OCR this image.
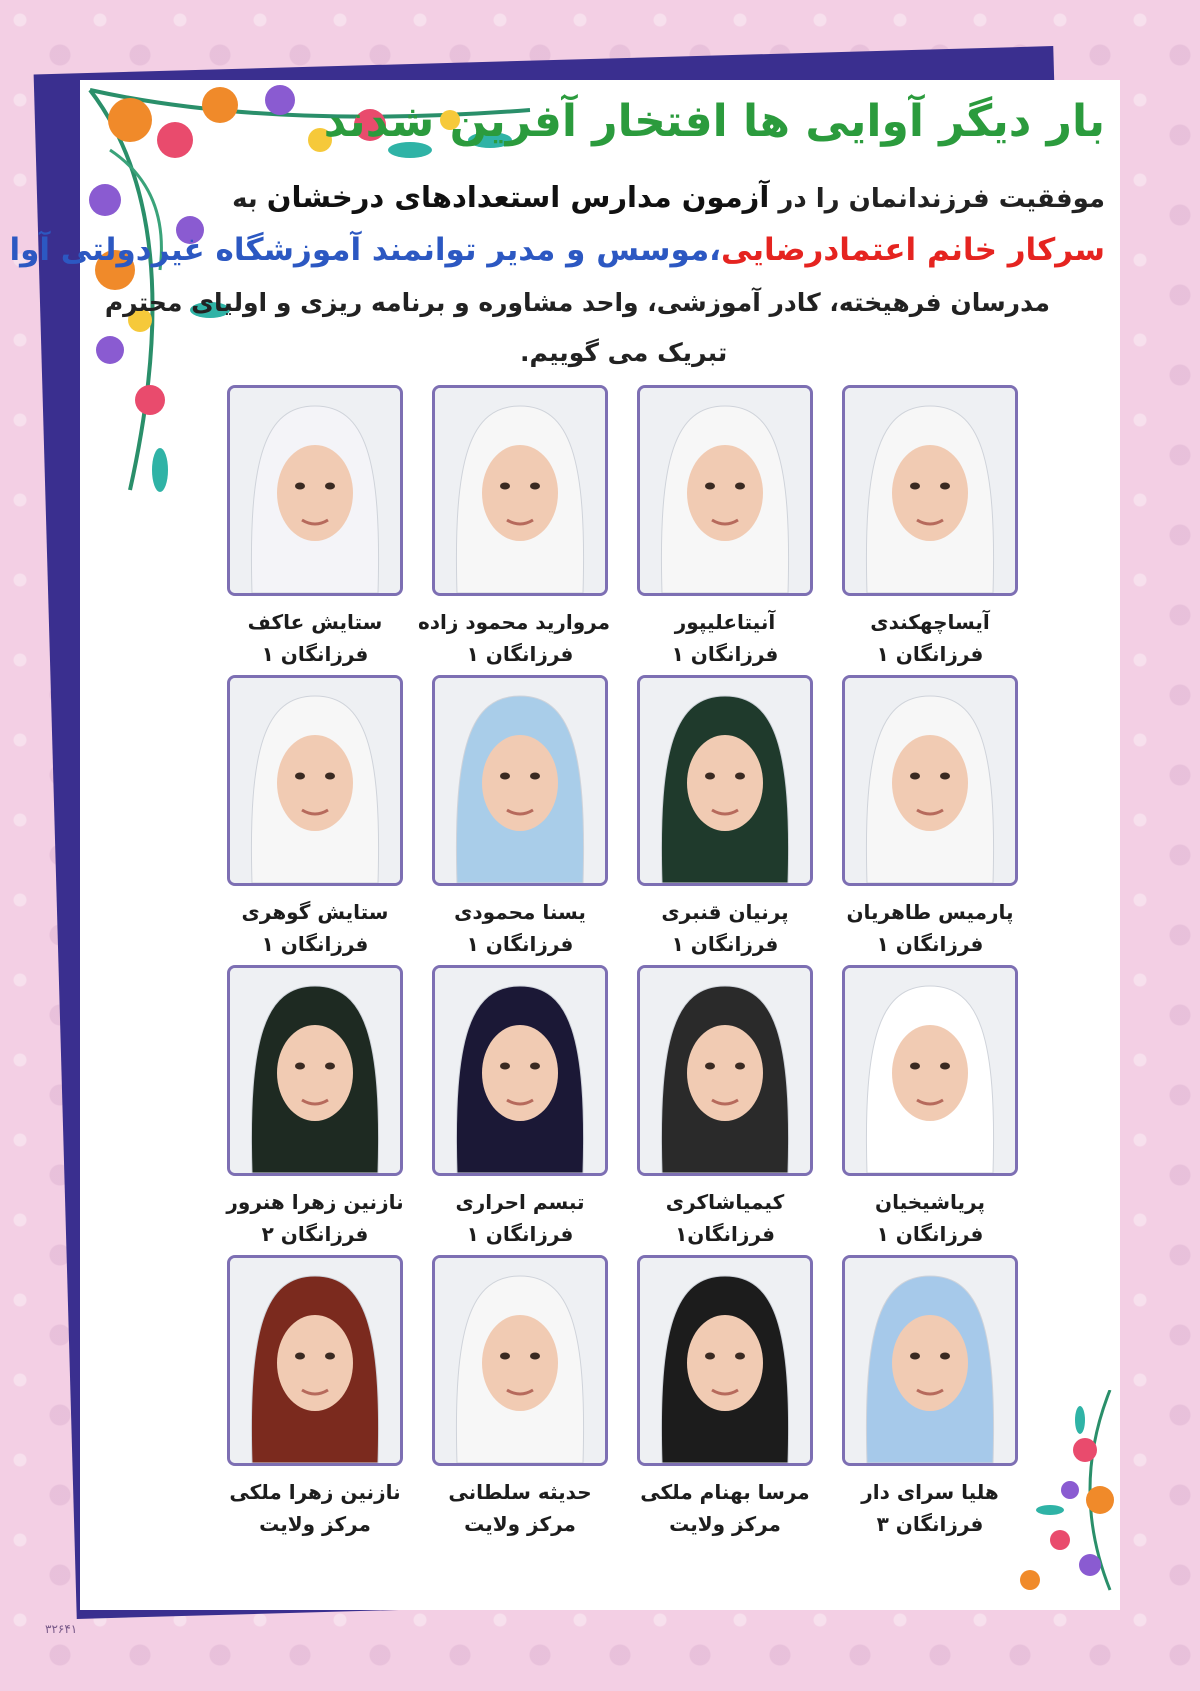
بار دیگر آوایی ها افتخار آفرین شدند

موفقیت فرزندانمان را در آزمون مدارس استعدادهای درخشان به

سرکار خانم اعتمادرضایی،موسس و مدیر توانمند آموزشگاه غیردولتی آوا

مدرسان فرهیخته، کادر آموزشی، واحد مشاوره و برنامه ریزی و اولیای محترم

تبریک می گوییم.

آیساچهکندی
فرزانگان ۱
آنیتاعلیپور
فرزانگان ۱
مروارید محمود زاده
فرزانگان ۱
ستایش عاکف
فرزانگان ۱
پارمیس طاهریان
فرزانگان ۱
پرنیان قنبری
فرزانگان ۱
یسنا محمودی
فرزانگان ۱
ستایش گوهری
فرزانگان ۱
پریاشیخیان
فرزانگان ۱
کیمیاشاکری
فرزانگان۱
تبسم احراری
فرزانگان ۱
نازنین زهرا هنرور
فرزانگان ۲
هلیا سرای دار
فرزانگان ۳
مرسا بهنام ملکی
مرکز ولایت
حدیثه سلطانی
مرکز ولایت
نازنین زهرا ملکی
مرکز ولایت
۳۲۶۴۱
